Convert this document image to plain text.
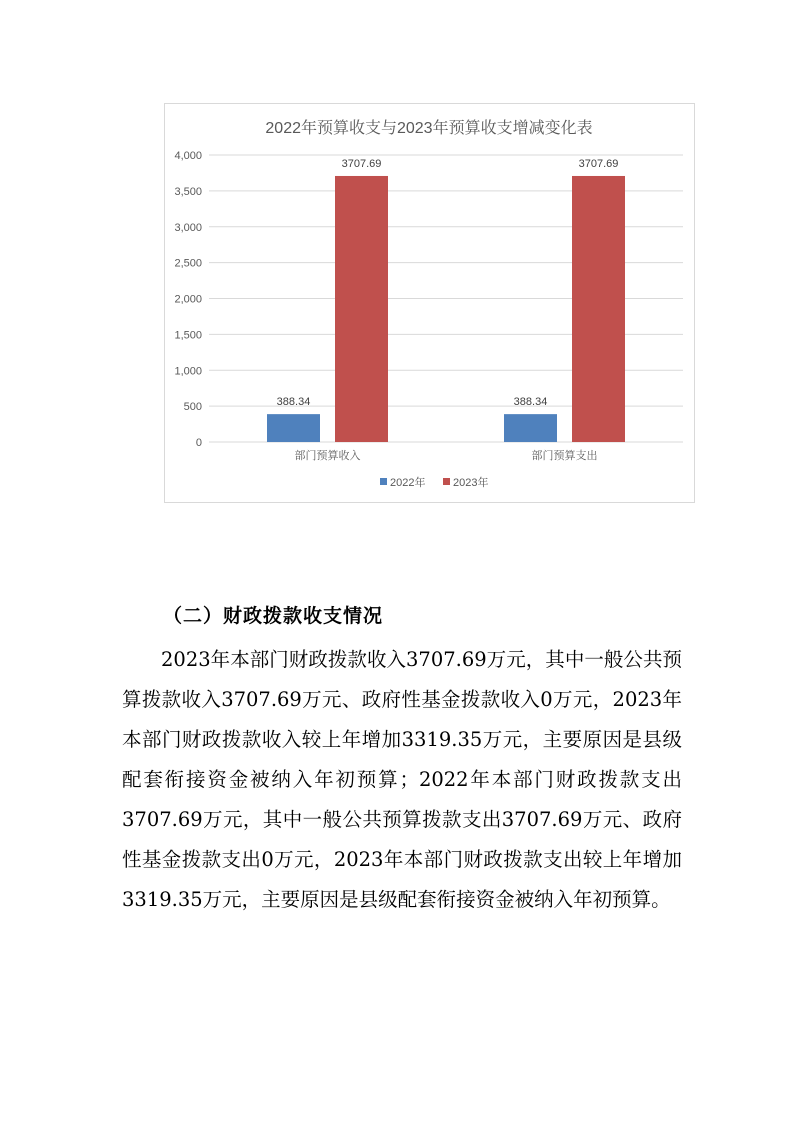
2022年预算收支与2023年预算收支增减变化表
0
500
1,000
1,500
2,000
2,500
3,000
3,500
4,000
388.34
3707.69
部门预算收入
388.34
3707.69
部门预算支出
2022年	2023年
（二）财政拨款收支情况

2023年本部门财政拨款收入3707.69万元，其中一般公共预算拨款收入3707.69万元、政府性基金拨款收入0万元，2023年本部门财政拨款收入较上年增加3319.35万元，主要原因是县级配套衔接资金被纳入年初预算；2022年本部门财政拨款支出3707.69万元，其中一般公共预算拨款支出3707.69万元、政府性基金拨款支出0万元，2023年本部门财政拨款支出较上年增加3319.35万元，主要原因是县级配套衔接资金被纳入年初预算。
